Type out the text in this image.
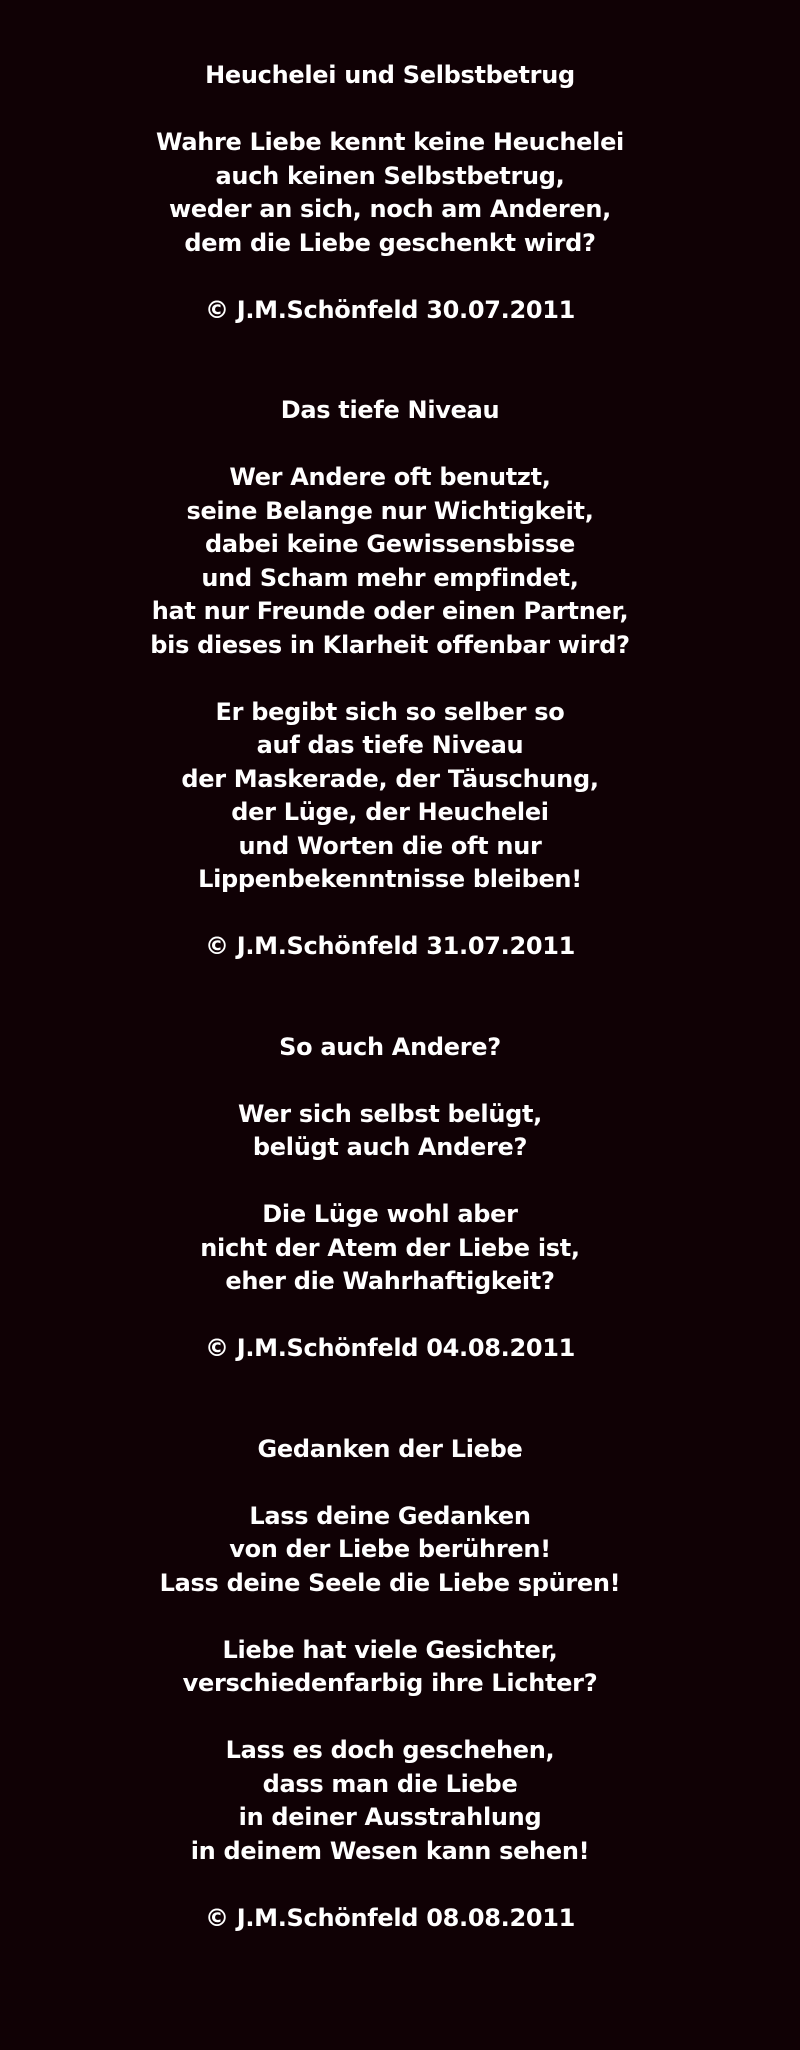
Heuchelei und Selbstbetrug

Wahre Liebe kennt keine Heuchelei

auch keinen Selbstbetrug,

weder an sich, noch am Anderen,

dem die Liebe geschenkt wird?

© J.M.Schönfeld 30.07.2011

Das tiefe Niveau

Wer Andere oft benutzt,

seine Belange nur Wichtigkeit,

dabei keine Gewissensbisse

und Scham mehr empfindet,

hat nur Freunde oder einen Partner,

bis dieses in Klarheit offenbar wird?

Er begibt sich so selber so

auf das tiefe Niveau

der Maskerade, der Täuschung,

der Lüge, der Heuchelei

und Worten die oft nur

Lippenbekenntnisse bleiben!

© J.M.Schönfeld 31.07.2011

So auch Andere?

Wer sich selbst belügt,

belügt auch Andere?

Die Lüge wohl aber

nicht der Atem der Liebe ist,

eher die Wahrhaftigkeit?

© J.M.Schönfeld 04.08.2011

Gedanken der Liebe

Lass deine Gedanken

von der Liebe berühren!

Lass deine Seele die Liebe spüren!

Liebe hat viele Gesichter,

verschiedenfarbig ihre Lichter?

Lass es doch geschehen,

dass man die Liebe

in deiner Ausstrahlung

in deinem Wesen kann sehen!

© J.M.Schönfeld 08.08.2011
